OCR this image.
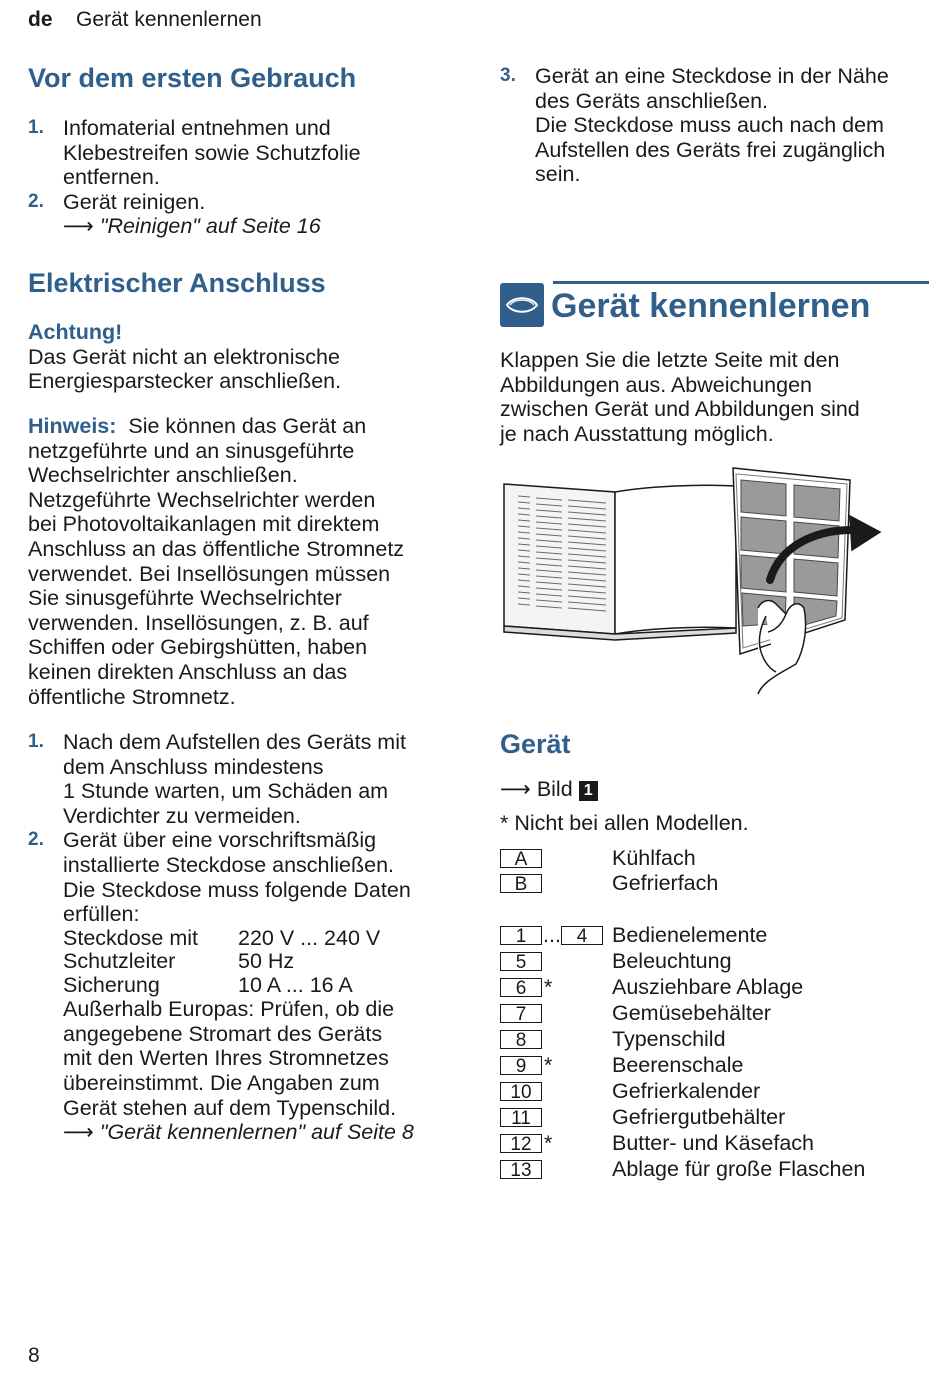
de Gerät kennenlernen
Vor dem ersten Gebrauch
1. Infomaterial entnehmen und
Klebestreifen sowie Schutzfolie
entfernen.
2. Gerät reinigen.
⟶ "Reinigen" auf Seite 16
Elektrischer Anschluss
Achtung!
Das Gerät nicht an elektronische
Energiesparstecker anschließen.
Hinweis: Sie können das Gerät an
netzgeführte und an sinusgeführte
Wechselrichter anschließen.
Netzgeführte Wechselrichter werden
bei Photovoltaikanlagen mit direktem
Anschluss an das öffentliche Stromnetz
verwendet. Bei Insellösungen müssen
Sie sinusgeführte Wechselrichter
verwenden. Insellösungen, z. B. auf
Schiffen oder Gebirgshütten, haben
keinen direkten Anschluss an das
öffentliche Stromnetz.
1. Nach dem Aufstellen des Geräts mit
dem Anschluss mindestens
1 Stunde warten, um Schäden am
Verdichter zu vermeiden.
2. Gerät über eine vorschriftsmäßig
installierte Steckdose anschließen.
Die Steckdose muss folgende Daten
erfüllen:
Steckdose mit	220 V ... 240 V
Schutzleiter	50 Hz
Sicherung	10 A ... 16 A
Außerhalb Europas: Prüfen, ob die
angegebene Stromart des Geräts
mit den Werten Ihres Stromnetzes
übereinstimmt. Die Angaben zum
Gerät stehen auf dem Typenschild.
⟶ "Gerät kennenlernen" auf Seite 8
3. Gerät an eine Steckdose in der Nähe
des Geräts anschließen.
Die Steckdose muss auch nach dem
Aufstellen des Geräts frei zugänglich
sein.
Gerät kennenlernen
Klappen Sie die letzte Seite mit den
Abbildungen aus. Abweichungen
zwischen Gerät und Abbildungen sind
je nach Ausstattung möglich.
Gerät
⟶ Bild 1
* Nicht bei allen Modellen.
A	Kühlfach
B	Gefrierfach
1 ... 4	Bedienelemente
5	Beleuchtung
6 *	Ausziehbare Ablage
7	Gemüsebehälter
8	Typenschild
9 *	Beerenschale
10	Gefrierkalender
11	Gefriergutbehälter
12 *	Butter- und Käsefach
13	Ablage für große Flaschen
8
